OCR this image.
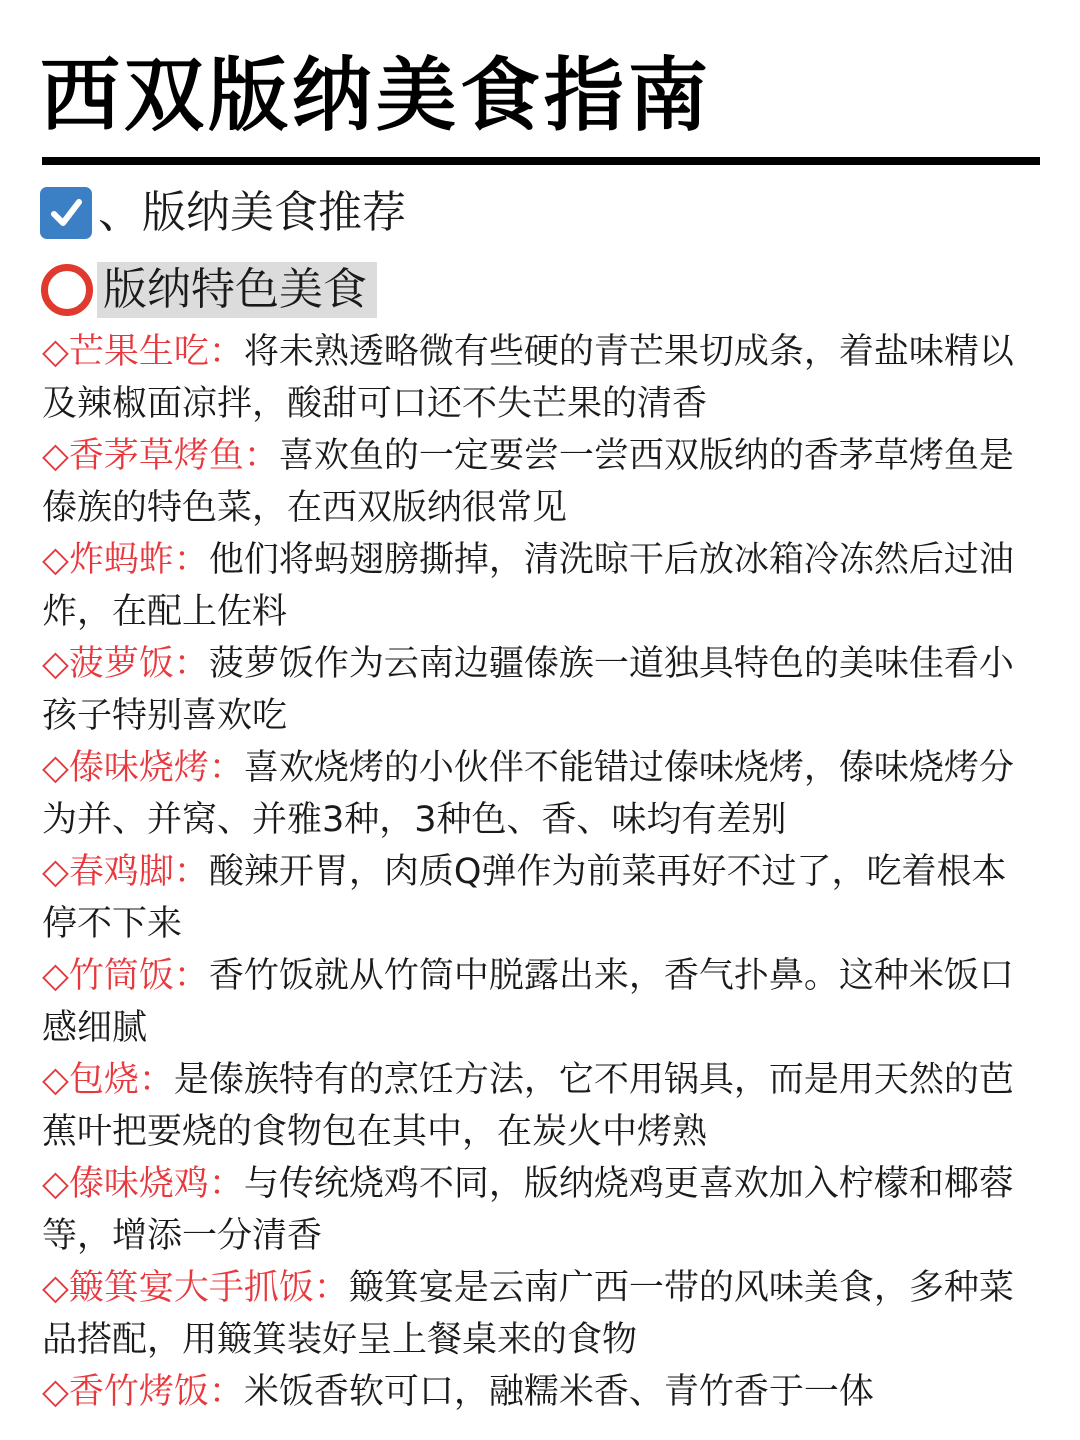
西双版纳美食指南
、版纳美食推荐
版纳特色美食
◇芒果生吃：将未熟透略微有些硬的青芒果切成条，着盐味精以及辣椒面凉拌，酸甜可口还不失芒果的清香
◇香茅草烤鱼：喜欢鱼的一定要尝一尝西双版纳的香茅草烤鱼是傣族的特色菜，在西双版纳很常见
◇炸蚂蚱：他们将蚂翅膀撕掉，清洗晾干后放冰箱冷冻然后过油炸，在配上佐料
◇菠萝饭：菠萝饭作为云南边疆傣族一道独具特色的美味佳看小孩子特别喜欢吃
◇傣味烧烤：喜欢烧烤的小伙伴不能错过傣味烧烤，傣味烧烤分为并、并窝、并雅3种，3种色、香、味均有差别
◇春鸡脚：酸辣开胃，肉质Q弹作为前菜再好不过了，吃着根本停不下来
◇竹筒饭：香竹饭就从竹筒中脱露出来，香气扑鼻。这种米饭口感细腻
◇包烧：是傣族特有的烹饪方法，它不用锅具，而是用天然的芭蕉叶把要烧的食物包在其中，在炭火中烤熟
◇傣味烧鸡：与传统烧鸡不同，版纳烧鸡更喜欢加入柠檬和椰蓉等，增添一分清香
◇簸箕宴大手抓饭：簸箕宴是云南广西一带的风味美食，多种菜品搭配，用簸箕装好呈上餐桌来的食物
◇香竹烤饭：米饭香软可口，融糯米香、青竹香于一体
